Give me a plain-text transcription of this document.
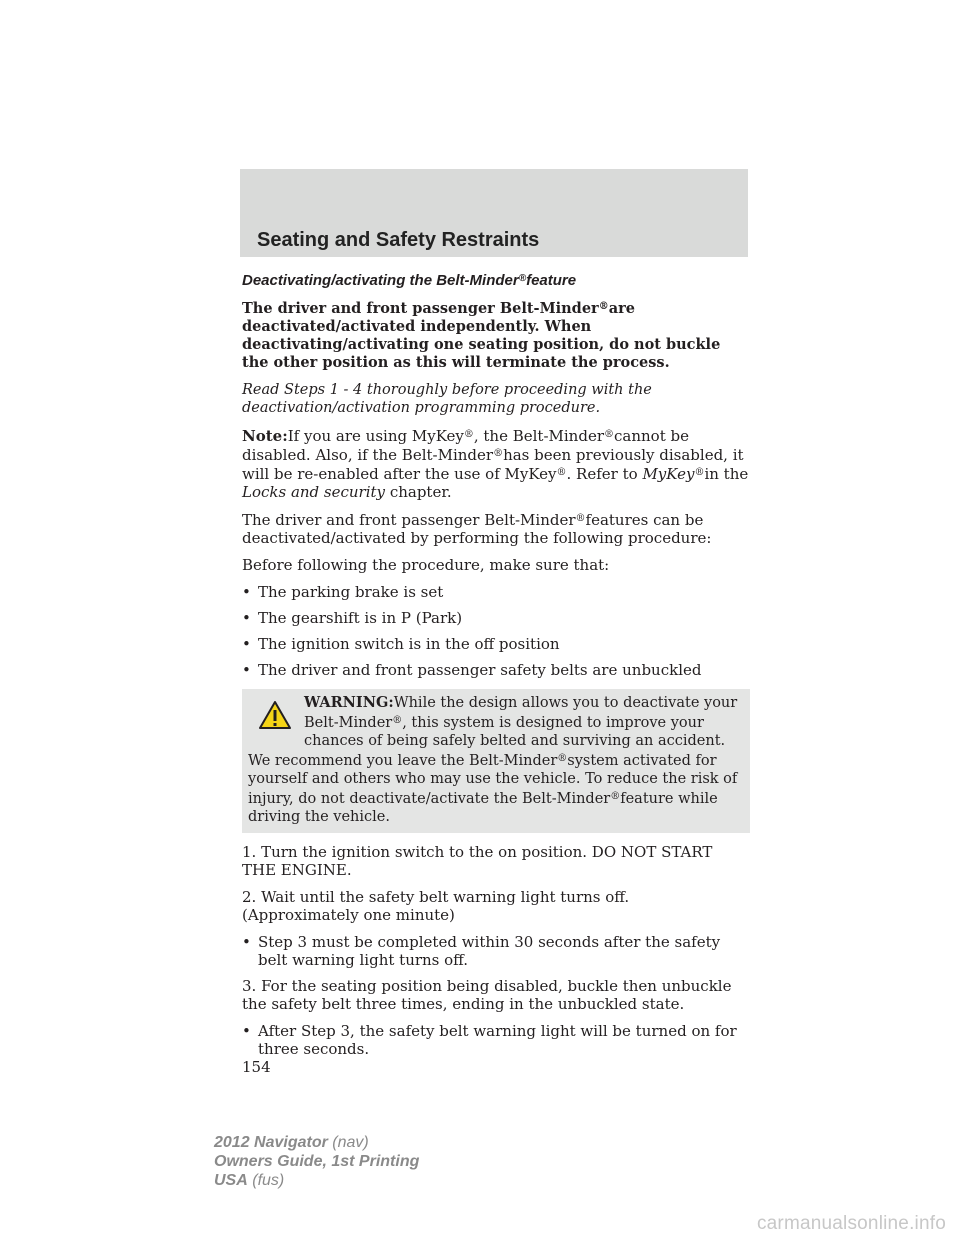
Seating and Safety Restraints

Deactivating/activating the Belt-Minder®feature

The driver and front passenger Belt-Minder®are deactivated/activated independently. When deactivating/activating one seating position, do not buckle the other position as this will terminate the process.

Read Steps 1 - 4 thoroughly before proceeding with the deactivation/activation programming procedure.

Note:If you are using MyKey®, the Belt-Minder®cannot be disabled. Also, if the Belt-Minder®has been previously disabled, it will be re-enabled after the use of MyKey®. Refer to MyKey®in the Locks and security chapter.

The driver and front passenger Belt-Minder®features can be deactivated/activated by performing the following procedure:

Before following the procedure, make sure that:

• The parking brake is set
• The gearshift is in P (Park)
• The ignition switch is in the off position
• The driver and front passenger safety belts are unbuckled
WARNING:While the design allows you to deactivate your Belt-Minder®, this system is designed to improve your chances of being safely belted and surviving an accident. We recommend you leave the Belt-Minder®system activated for yourself and others who may use the vehicle. To reduce the risk of injury, do not deactivate/activate the Belt-Minder®feature while driving the vehicle.

1. Turn the ignition switch to the on position. DO NOT START THE ENGINE.

2. Wait until the safety belt warning light turns off. (Approximately one minute)

• Step 3 must be completed within 30 seconds after the safety belt warning light turns off.

3. For the seating position being disabled, buckle then unbuckle the safety belt three times, ending in the unbuckled state.

• After Step 3, the safety belt warning light will be turned on for three seconds.
154
2012 Navigator (nav)
Owners Guide, 1st Printing
USA (fus)
carmanualsonline.info
